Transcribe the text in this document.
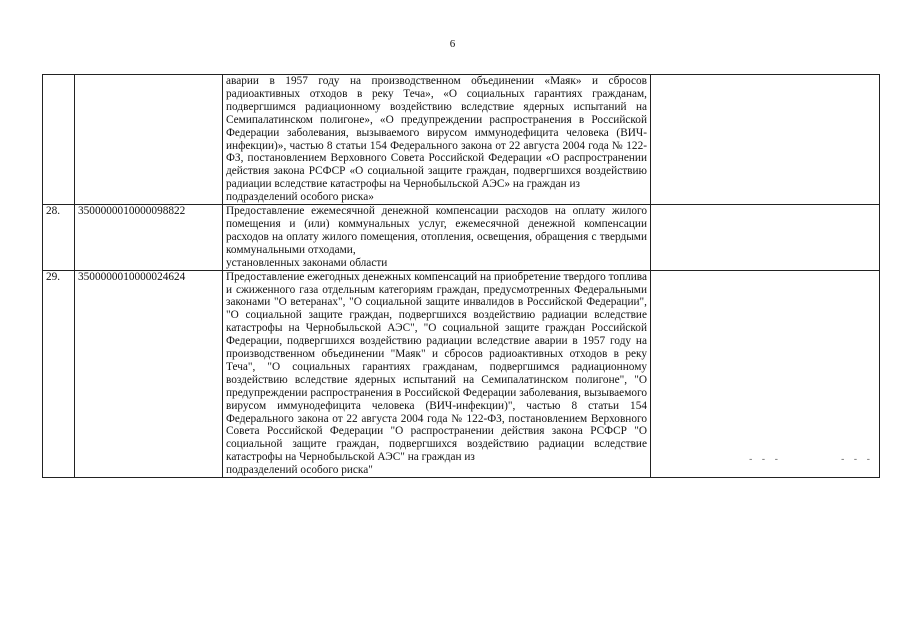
6
		аварии в 1957 году на производственном объединении «Маяк» и сбросов радиоактивных отходов в реку Теча», «О социальных гарантиях гражданам, подвергшимся радиационному воздействию вследствие ядерных испытаний на Семипалатинском полигоне», «О предупреждении распространения в Российской Федерации заболевания, вызываемого вирусом иммунодефицита человека (ВИЧ-инфекции)», частью 8 статьи 154 Федерального закона от 22 августа 2004 года № 122-ФЗ, постановлением Верховного Совета Российской Федерации «О распространении действия закона РСФСР «О социальной защите граждан, подвергшихся воздействию радиации вследствие катастрофы на Чернобыльской АЭС» на граждан из
подразделений особого риска»	

28.	3500000010000098822	Предоставление ежемесячной денежной компенсации расходов на оплату жилого помещения и (или) коммунальных услуг, ежемесячной денежной компенсации расходов на оплату жилого помещения, отопления, освещения, обращения с твердыми коммунальными отходами,
установленных законами области	

29.	3500000010000024624	Предоставление ежегодных денежных компенсаций на приобретение твердого топлива и сжиженного газа отдельным категориям граждан, предусмотренных Федеральными законами "О ветеранах", "О социальной защите инвалидов в Российской Федерации", "О социальной защите граждан, подвергшихся воздействию радиации вследствие катастрофы на Чернобыльской АЭС", "О социальной защите граждан Российской Федерации, подвергшихся воздействию радиации вследствие аварии в 1957 году на производственном объединении "Маяк" и сбросов радиоактивных отходов в реку Теча", "О социальных гарантиях гражданам, подвергшимся радиационному воздействию вследствие ядерных испытаний на Семипалатинском полигоне", "О предупреждении распространения в Российской Федерации заболевания, вызываемого вирусом иммунодефицита человека (ВИЧ-инфекции)", частью 8 статьи 154 Федерального закона от 22 августа 2004 года № 122-ФЗ, постановлением Верховного Совета Российской Федерации "О распространении действия закона РСФСР "О социальной защите граждан, подвергшихся воздействию радиации вследствие катастрофы на Чернобыльской АЭС" на граждан из
подразделений особого риска"	

- - -	- - -
